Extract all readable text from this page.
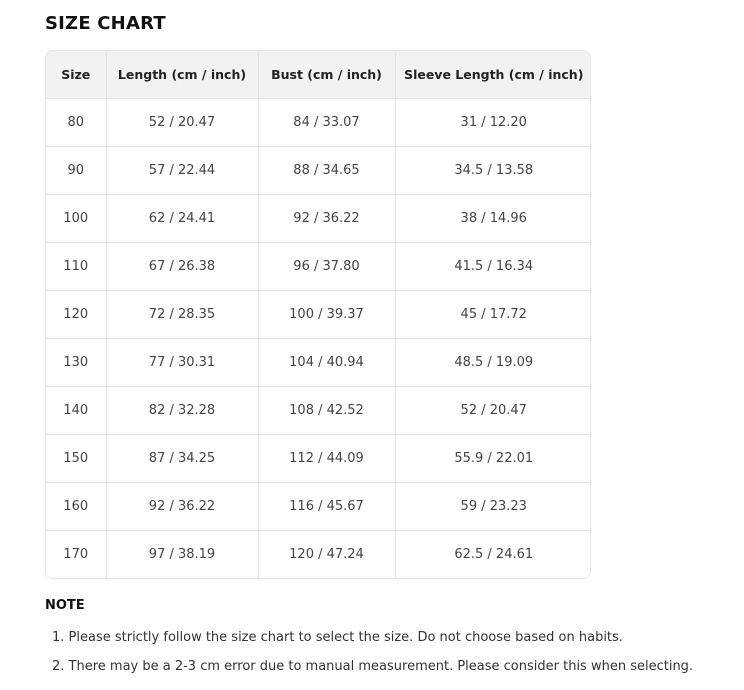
SIZE CHART
Size	Length (cm / inch)	Bust (cm / inch)	Sleeve Length (cm / inch)
80	52 / 20.47	84 / 33.07	31 / 12.20
90	57 / 22.44	88 / 34.65	34.5 / 13.58
100	62 / 24.41	92 / 36.22	38 / 14.96
110	67 / 26.38	96 / 37.80	41.5 / 16.34
120	72 / 28.35	100 / 39.37	45 / 17.72
130	77 / 30.31	104 / 40.94	48.5 / 19.09
140	82 / 32.28	108 / 42.52	52 / 20.47
150	87 / 34.25	112 / 44.09	55.9 / 22.01
160	92 / 36.22	116 / 45.67	59 / 23.23
170	97 / 38.19	120 / 47.24	62.5 / 24.61
NOTE
1. Please strictly follow the size chart to select the size. Do not choose based on habits.
2. There may be a 2-3 cm error due to manual measurement. Please consider this when selecting.
